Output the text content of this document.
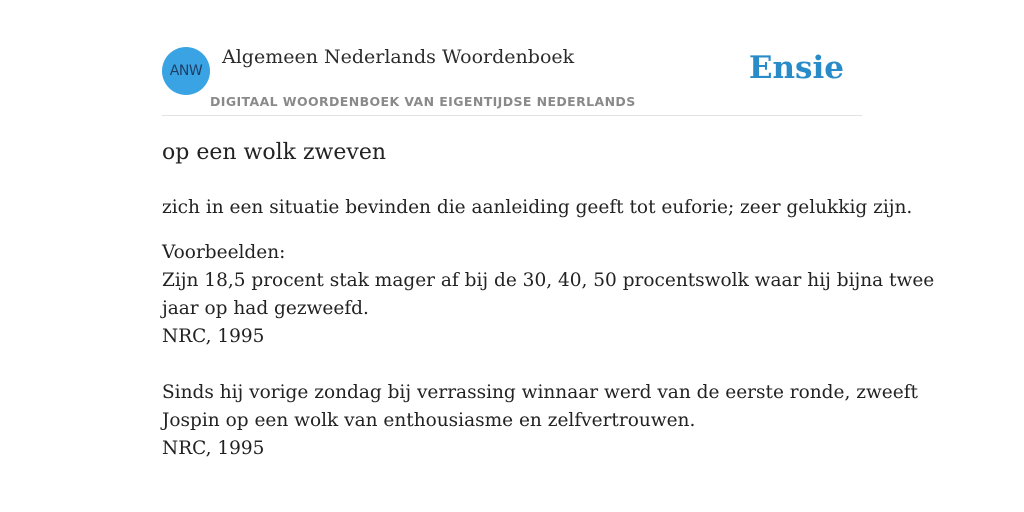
ANW
Algemeen Nederlands Woordenboek
DIGITAAL WOORDENBOEK VAN EIGENTIJDSE NEDERLANDS
Ensie
op een wolk zweven
zich in een situatie bevinden die aanleiding geeft tot euforie; zeer gelukkig zijn.

Voorbeelden:

Zijn 18,5 procent stak mager af bij de 30, 40, 50 procentswolk waar hij bijna twee
jaar op had gezweefd.
NRC, 1995
Sinds hij vorige zondag bij verrassing winnaar werd van de eerste ronde, zweeft
Jospin op een wolk van enthousiasme en zelfvertrouwen.
NRC, 1995
